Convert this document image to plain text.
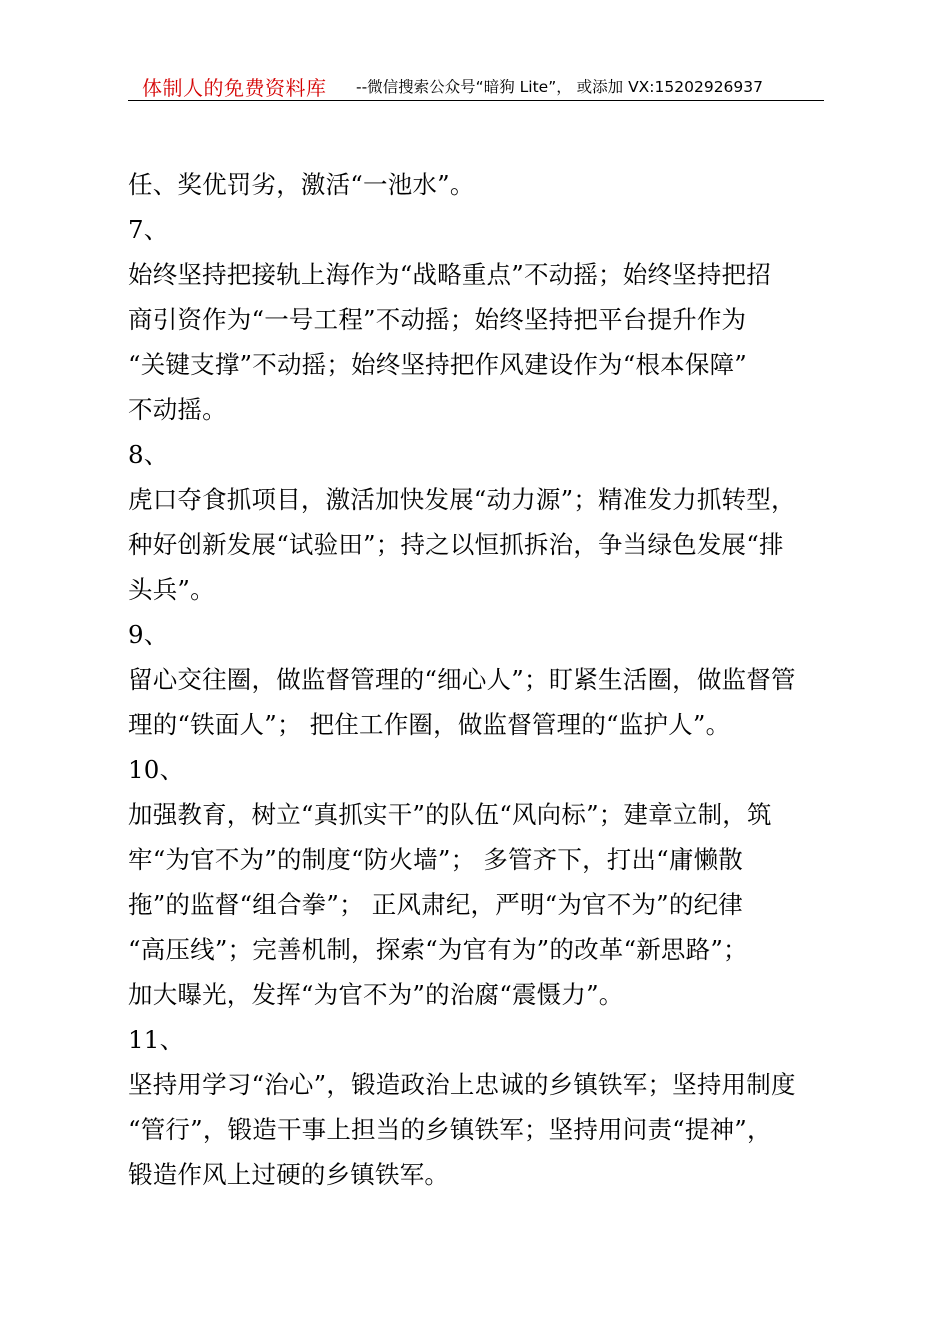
体制人的免费资料库 --微信搜索公众号“暗狗 Lite”， 或添加 VX:15202926937
任、奖优罚劣，激活“一池水”。
7、
始终坚持把接轨上海作为“战略重点”不动摇；始终坚持把招
商引资作为“一号工程”不动摇；始终坚持把平台提升作为
“关键支撑”不动摇；始终坚持把作风建设作为“根本保障”
不动摇。
8、
虎口夺食抓项目，激活加快发展“动力源”；精准发力抓转型，
种好创新发展“试验田”；持之以恒抓拆治，争当绿色发展“排
头兵”。
9、
留心交往圈，做监督管理的“细心人”；盯紧生活圈，做监督管
理的“铁面人”； 把住工作圈，做监督管理的“监护人”。
10、
加强教育，树立“真抓实干”的队伍“风向标”；建章立制，筑
牢“为官不为”的制度“防火墙”； 多管齐下，打出“庸懒散
拖”的监督“组合拳”； 正风肃纪，严明“为官不为”的纪律
“高压线”；完善机制，探索“为官有为”的改革“新思路”；
加大曝光，发挥“为官不为”的治腐“震慑力”。
11、
坚持用学习“治心”，锻造政治上忠诚的乡镇铁军；坚持用制度
“管行”，锻造干事上担当的乡镇铁军；坚持用问责“提神”，
锻造作风上过硬的乡镇铁军。
